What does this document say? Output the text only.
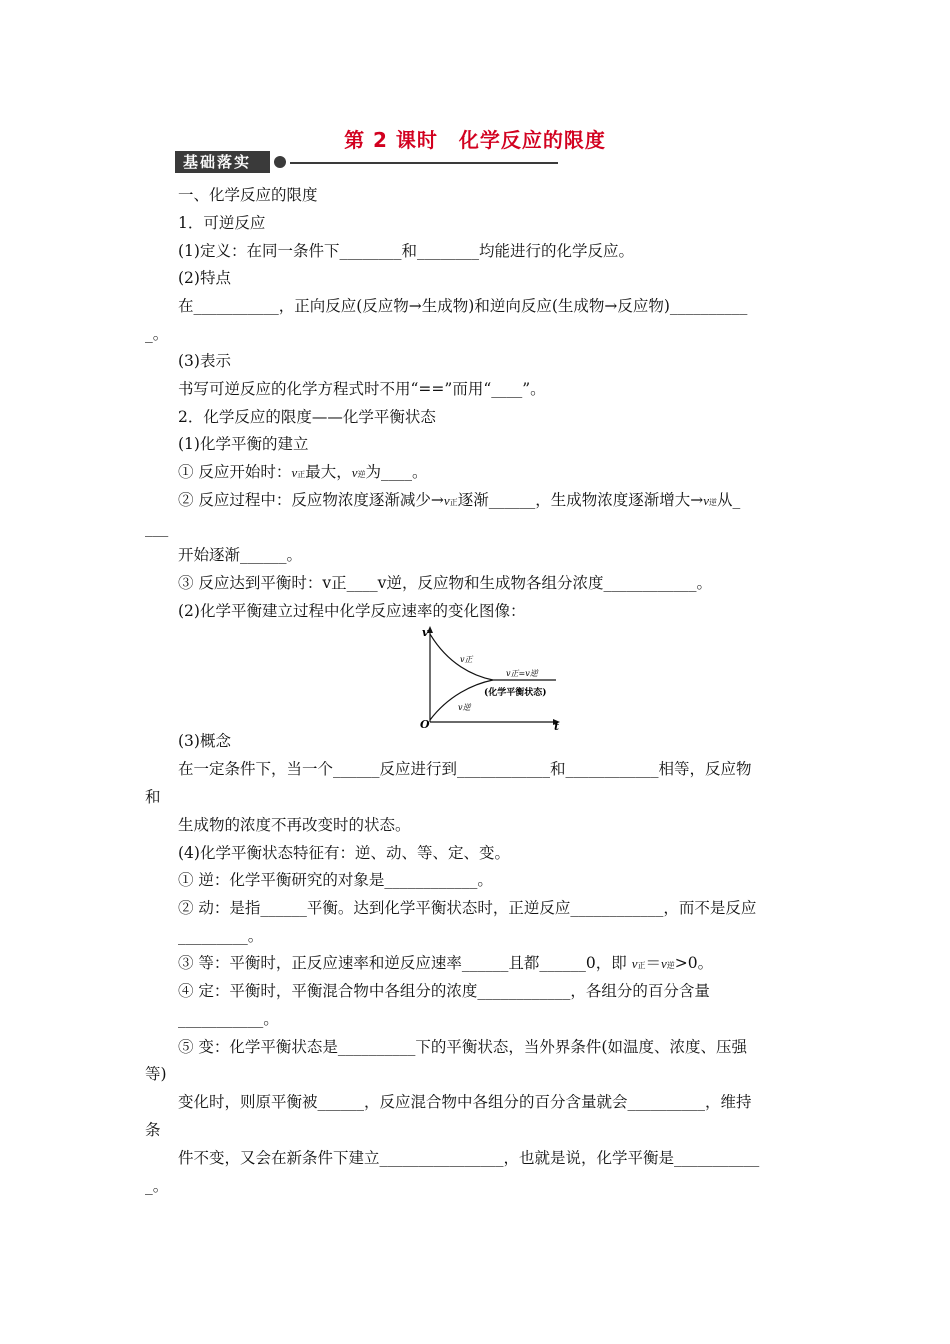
第 2 课时　化学反应的限度
基础落实
一、化学反应的限度
1．可逆反应
(1)定义：在同一条件下________和________均能进行的化学反应。
(2)特点
在___________，正向反应(反应物→生成物)和逆向反应(生成物→反应物)__________
_。
(3)表示
书写可逆反应的化学方程式时不用“==”而用“____”。
2．化学反应的限度——化学平衡状态
(1)化学平衡的建立
① 反应开始时：v正最大，v逆为____。
② 反应过程中：反应物浓度逐渐减少→v正逐渐______，生成物浓度逐渐增大→v逆从_
___
开始逐渐______。
③ 反应达到平衡时：v正____v逆，反应物和生成物各组分浓度____________。
(2)化学平衡建立过程中化学反应速率的变化图像：
v
t
O
v正
v逆
v正=v逆
(化学平衡状态)
(3)概念
在一定条件下，当一个______反应进行到____________和____________相等，反应物
和
生成物的浓度不再改变时的状态。
(4)化学平衡状态特征有：逆、动、等、定、变。
① 逆：化学平衡研究的对象是____________。
② 动：是指______平衡。达到化学平衡状态时，正逆反应____________，而不是反应
_________。
③ 等：平衡时，正反应速率和逆反应速率______且都______0，即 v正＝v逆>0。
④ 定：平衡时，平衡混合物中各组分的浓度____________，各组分的百分含量
___________。
⑤ 变：化学平衡状态是__________下的平衡状态，当外界条件(如温度、浓度、压强
等)
变化时，则原平衡被______，反应混合物中各组分的百分含量就会__________，维持
条
件不变，又会在新条件下建立________________，也就是说，化学平衡是___________
_。
